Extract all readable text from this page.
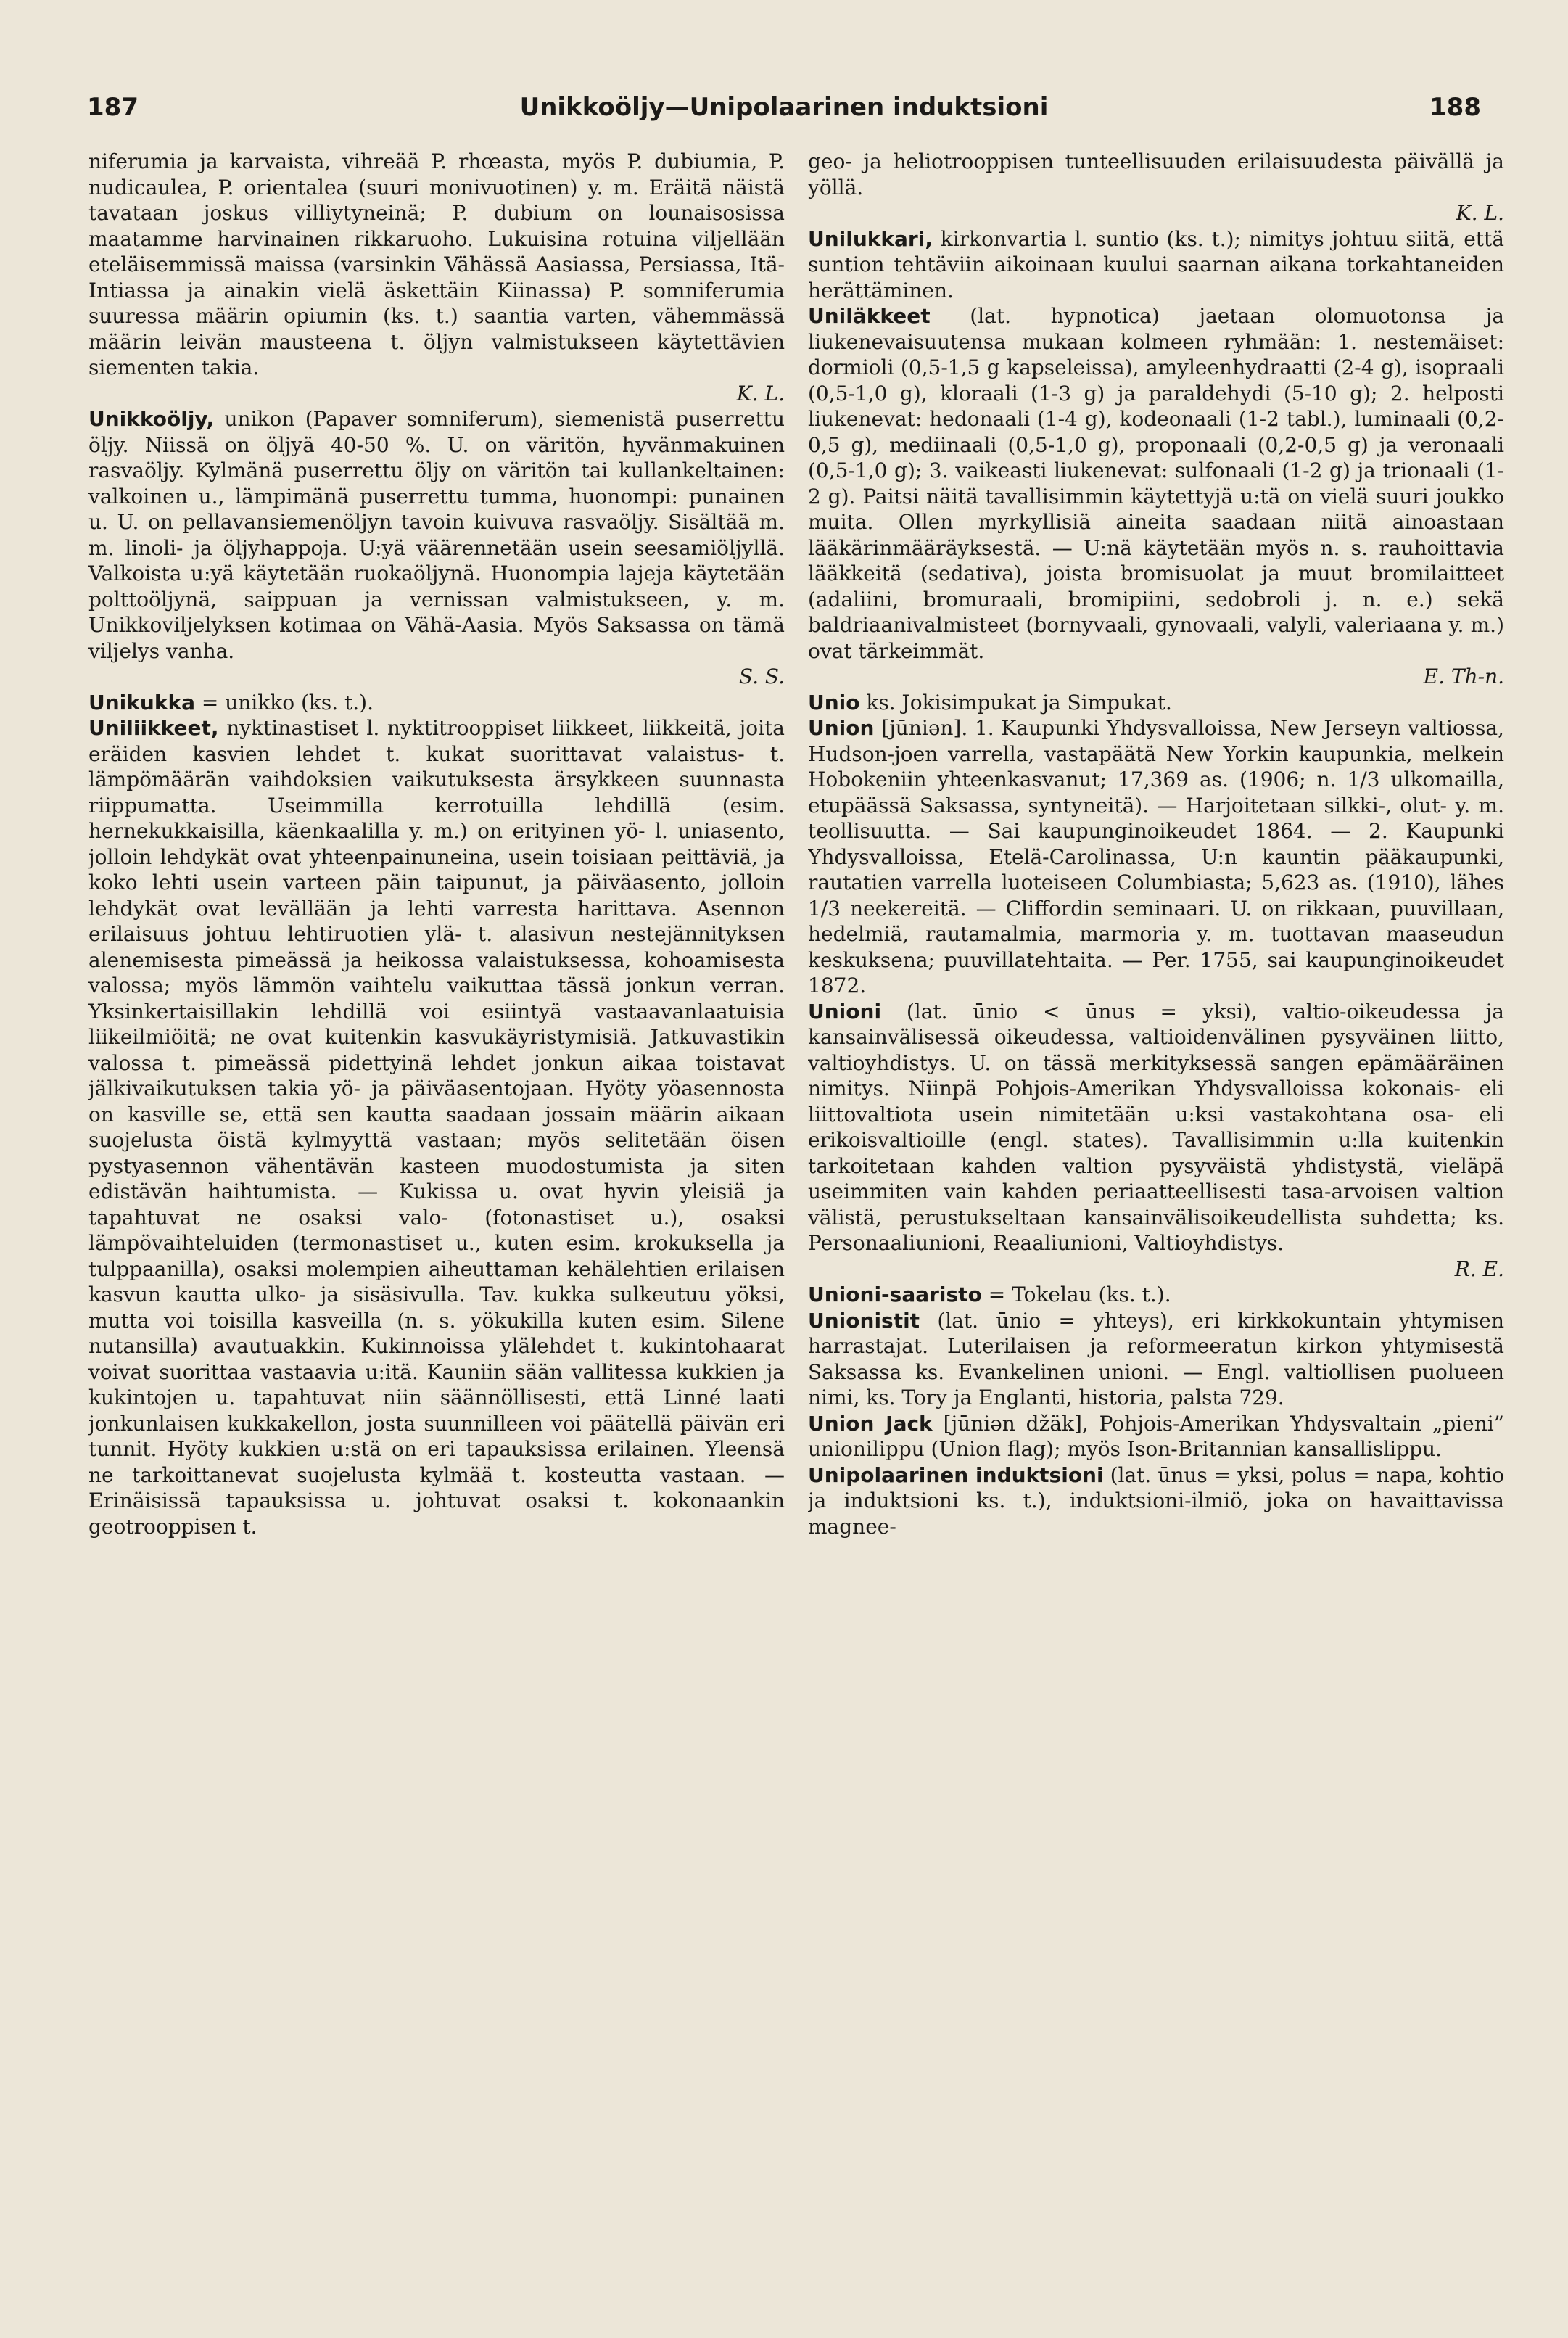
187	Unikkoöljy—Unipolaarinen induktsioni	188

niferumia ja karvaista, vihreää P. rhœasta, myös P. dubiumia, P. nudicaulea, P. orientalea (suuri monivuotinen) y. m. Eräitä näistä tavataan joskus villiytyneinä; P. dubium on lounaisosissa maatamme harvinainen rikkaruoho. Lukuisina rotuina viljellään eteläisemmissä maissa (varsinkin Vähässä Aasiassa, Persiassa, Itä-Intiassa ja ainakin vielä äskettäin Kiinassa) P. somniferumia suuressa määrin opiumin (ks. t.) saantia varten, vähemmässä määrin leivän mausteena t. öljyn valmistukseen käytettävien siementen takia.
K. L.

Unikkoöljy, unikon (Papaver somniferum), siemenistä puserrettu öljy. Niissä on öljyä 40-50 %. U. on väritön, hyvänmakuinen rasvaöljy. Kylmänä puserrettu öljy on väritön tai kullankeltainen: valkoinen u., lämpimänä puserrettu tumma, huonompi: punainen u. U. on pellavansiemenöljyn tavoin kuivuva rasvaöljy. Sisältää m. m. linoli- ja öljyhappoja. U:yä väärennetään usein seesamiöljyllä. Valkoista u:yä käytetään ruokaöljynä. Huonompia lajeja käytetään polttoöljynä, saippuan ja vernissan valmistukseen, y. m. Unikkoviljelyksen kotimaa on Vähä-Aasia. Myös Saksassa on tämä viljelys vanha.
S. S.

Unikukka = unikko (ks. t.).

Uniliikkeet, nyktinastiset l. nyktitrooppiset liikkeet, liikkeitä, joita eräiden kasvien lehdet t. kukat suorittavat valaistus- t. lämpömäärän vaihdoksien vaikutuksesta ärsykkeen suunnasta riippumatta. Useimmilla kerrotuilla lehdillä (esim. hernekukkaisilla, käenkaalilla y. m.) on erityinen yö- l. uniasento, jolloin lehdykät ovat yhteenpainuneina, usein toisiaan peittäviä, ja koko lehti usein varteen päin taipunut, ja päiväasento, jolloin lehdykät ovat levällään ja lehti varresta harittava. Asennon erilaisuus johtuu lehtiruotien ylä- t. alasivun nestejännityksen alenemisesta pimeässä ja heikossa valaistuksessa, kohoamisesta valossa; myös lämmön vaihtelu vaikuttaa tässä jonkun verran. Yksinkertaisillakin lehdillä voi esiintyä vastaavanlaatuisia liikeilmiöitä; ne ovat kuitenkin kasvukäyristymisiä. Jatkuvastikin valossa t. pimeässä pidettyinä lehdet jonkun aikaa toistavat jälkivaikutuksen takia yö- ja päiväasentojaan. Hyöty yöasennosta on kasville se, että sen kautta saadaan jossain määrin aikaan suojelusta öistä kylmyyttä vastaan; myös selitetään öisen pystyasennon vähentävän kasteen muodostumista ja siten edistävän haihtumista. — Kukissa u. ovat hyvin yleisiä ja tapahtuvat ne osaksi valo- (fotonastiset u.), osaksi lämpövaihteluiden (termonastiset u., kuten esim. krokuksella ja tulppaanilla), osaksi molempien aiheuttaman kehälehtien erilaisen kasvun kautta ulko- ja sisäsivulla. Tav. kukka sulkeutuu yöksi, mutta voi toisilla kasveilla (n. s. yökukilla kuten esim. Silene nutansilla) avautuakkin. Kukinnoissa ylälehdet t. kukintohaarat voivat suorittaa vastaavia u:itä. Kauniin sään vallitessa kukkien ja kukintojen u. tapahtuvat niin säännöllisesti, että Linné laati jonkunlaisen kukkakellon, josta suunnilleen voi päätellä päivän eri tunnit. Hyöty kukkien u:stä on eri tapauksissa erilainen. Yleensä ne tarkoittanevat suojelusta kylmää t. kosteutta vastaan. — Erinäisissä tapauksissa u. johtuvat osaksi t. kokonaankin geotrooppisen t.

geo- ja heliotrooppisen tunteellisuuden erilaisuudesta päivällä ja yöllä.
K. L.

Unilukkari, kirkonvartia l. suntio (ks. t.); nimitys johtuu siitä, että suntion tehtäviin aikoinaan kuului saarnan aikana torkahtaneiden herättäminen.

Uniläkkeet (lat. hypnotica) jaetaan olomuotonsa ja liukenevaisuutensa mukaan kolmeen ryhmään: 1. nestemäiset: dormioli (0,5-1,5 g kapseleissa), amyleenhydraatti (2-4 g), isopraali (0,5-1,0 g), kloraali (1-3 g) ja paraldehydi (5-10 g); 2. helposti liukenevat: hedonaali (1-4 g), kodeonaali (1-2 tabl.), luminaali (0,2-0,5 g), mediinaali (0,5-1,0 g), proponaali (0,2-0,5 g) ja veronaali (0,5-1,0 g); 3. vaikeasti liukenevat: sulfonaali (1-2 g) ja trionaali (1-2 g). Paitsi näitä tavallisimmin käytettyjä u:tä on vielä suuri joukko muita. Ollen myrkyllisiä aineita saadaan niitä ainoastaan lääkärinmääräyksestä. — U:nä käytetään myös n. s. rauhoittavia lääkkeitä (sedativa), joista bromisuolat ja muut bromilaitteet (adaliini, bromuraali, bromipiini, sedobroli j. n. e.) sekä baldriaanivalmisteet (bornyvaali, gynovaali, valyli, valeriaana y. m.) ovat tärkeimmät.
E. Th-n.

Unio ks. Jokisimpukat ja Simpukat.

Union [jūniən]. 1. Kaupunki Yhdysvalloissa, New Jerseyn valtiossa, Hudson-joen varrella, vastapäätä New Yorkin kaupunkia, melkein Hobokeniin yhteenkasvanut; 17,369 as. (1906; n. 1/3 ulkomailla, etupäässä Saksassa, syntyneitä). — Harjoitetaan silkki-, olut- y. m. teollisuutta. — Sai kaupunginoikeudet 1864. — 2. Kaupunki Yhdysvalloissa, Etelä-Carolinassa, U:n kauntin pääkaupunki, rautatien varrella luoteiseen Columbiasta; 5,623 as. (1910), lähes 1/3 neekereitä. — Cliffordin seminaari. U. on rikkaan, puuvillaan, hedelmiä, rautamalmia, marmoria y. m. tuottavan maaseudun keskuksena; puuvillatehtaita. — Per. 1755, sai kaupunginoikeudet 1872.

Unioni (lat. ūnio < ūnus = yksi), valtio-oikeudessa ja kansainvälisessä oikeudessa, valtioidenvälinen pysyväinen liitto, valtioyhdistys. U. on tässä merkityksessä sangen epämääräinen nimitys. Niinpä Pohjois-Amerikan Yhdysvalloissa kokonais- eli liittovaltiota usein nimitetään u:ksi vastakohtana osa- eli erikoisvaltioille (engl. states). Tavallisimmin u:lla kuitenkin tarkoitetaan kahden valtion pysyväistä yhdistystä, vieläpä useimmiten vain kahden periaatteellisesti tasa-arvoisen valtion välistä, perustukseltaan kansainvälisoikeudellista suhdetta; ks. Personaaliunioni, Reaaliunioni, Valtioyhdistys.
R. E.

Unioni-saaristo = Tokelau (ks. t.).

Unionistit (lat. ūnio = yhteys), eri kirkkokuntain yhtymisen harrastajat. Luterilaisen ja reformeeratun kirkon yhtymisestä Saksassa ks. Evankelinen unioni. — Engl. valtiollisen puolueen nimi, ks. Tory ja Englanti, historia, palsta 729.

Union Jack [jūniən džäk], Pohjois-Amerikan Yhdysvaltain „pieni” unionilippu (Union flag); myös Ison-Britannian kansallislippu.

Unipolaarinen induktsioni (lat. ūnus = yksi, polus = napa, kohtio ja induktsioni ks. t.), induktsioni-ilmiö, joka on havaittavissa magnee-
